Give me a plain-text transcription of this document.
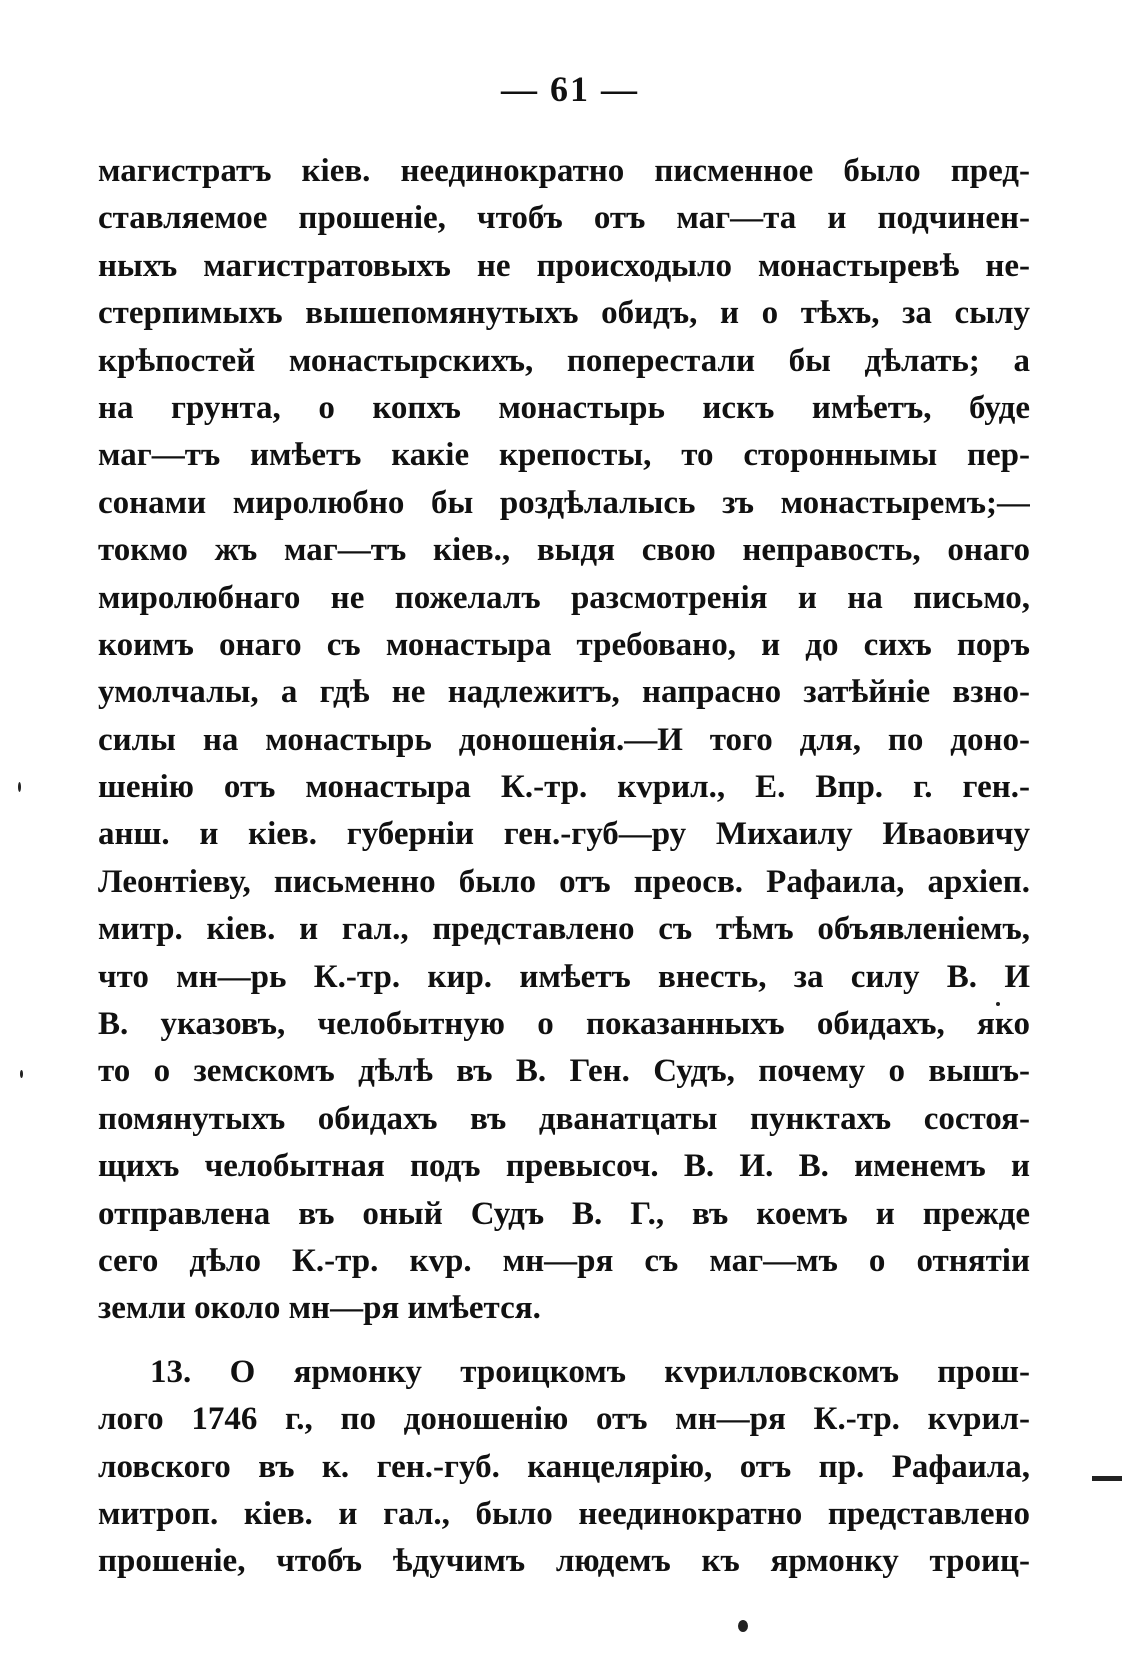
— 61 —
магистратъ кіев. неединократно писменное было пред-
ставляемое прошеніе, чтобъ отъ маг—та и подчинен-
ныхъ магистратовыхъ не происходыло монастыревѣ не-
стерпимыхъ вышепомянутыхъ обидъ, и о тѣхъ, за сылу
крѣпостей монастырскихъ, поперестали бы дѣлать; а
на грунта, о копхъ монастырь искъ имѣетъ, буде
маг—тъ имѣетъ какіе крепосты, то стороннымы пер-
сонами миролюбно бы роздѣлалысь зъ монастыремъ;—
токмо жъ маг—тъ кіев., выдя свою неправость, онаго
миролюбнаго не пожелалъ разсмотренія и на письмо,
коимъ онаго съ монастыра требовано, и до сихъ поръ
умолчалы, а гдѣ не надлежитъ, напрасно затѣйніе взно-
силы на монастырь доношенія.—И того для, по доно-
шенію отъ монастыра К.-тр. кvрил., Е. Впр. г. ген.-
анш. и кіев. губерніи ген.-губ—ру Михаилу Иваовичу
Леонтіеву, письменно было отъ преосв. Рафаила, архіеп.
митр. кіев. и гал., представлено съ тѣмъ объявленіемъ,
что мн—рь К.-тр. кир. имѣетъ внесть, за силу В. И
В. указовъ, челобытную о показанныхъ обидахъ, яко
то о земскомъ дѣлѣ въ В. Ген. Судъ, почему о вышъ-
помянутыхъ обидахъ въ дванатцаты пунктахъ состоя-
щихъ челобытная подъ превысоч. В. И. В. именемъ и
отправлена въ оный Судъ В. Г., въ коемъ и прежде
сего дѣло К.-тр. кvр. мн—ря съ маг—мъ о отнятіи
земли около мн—ря имѣется.
13. О ярмонку троицкомъ кvрилловскомъ прош-
лого 1746 г., по доношенію отъ мн—ря К.-тр. кvрил-
ловского въ к. ген.-губ. канцелярію, отъ пр. Рафаила,
митроп. кіев. и гал., было неединократно представлено
прошеніе, чтобъ ѣдучимъ людемъ къ ярмонку троиц-
